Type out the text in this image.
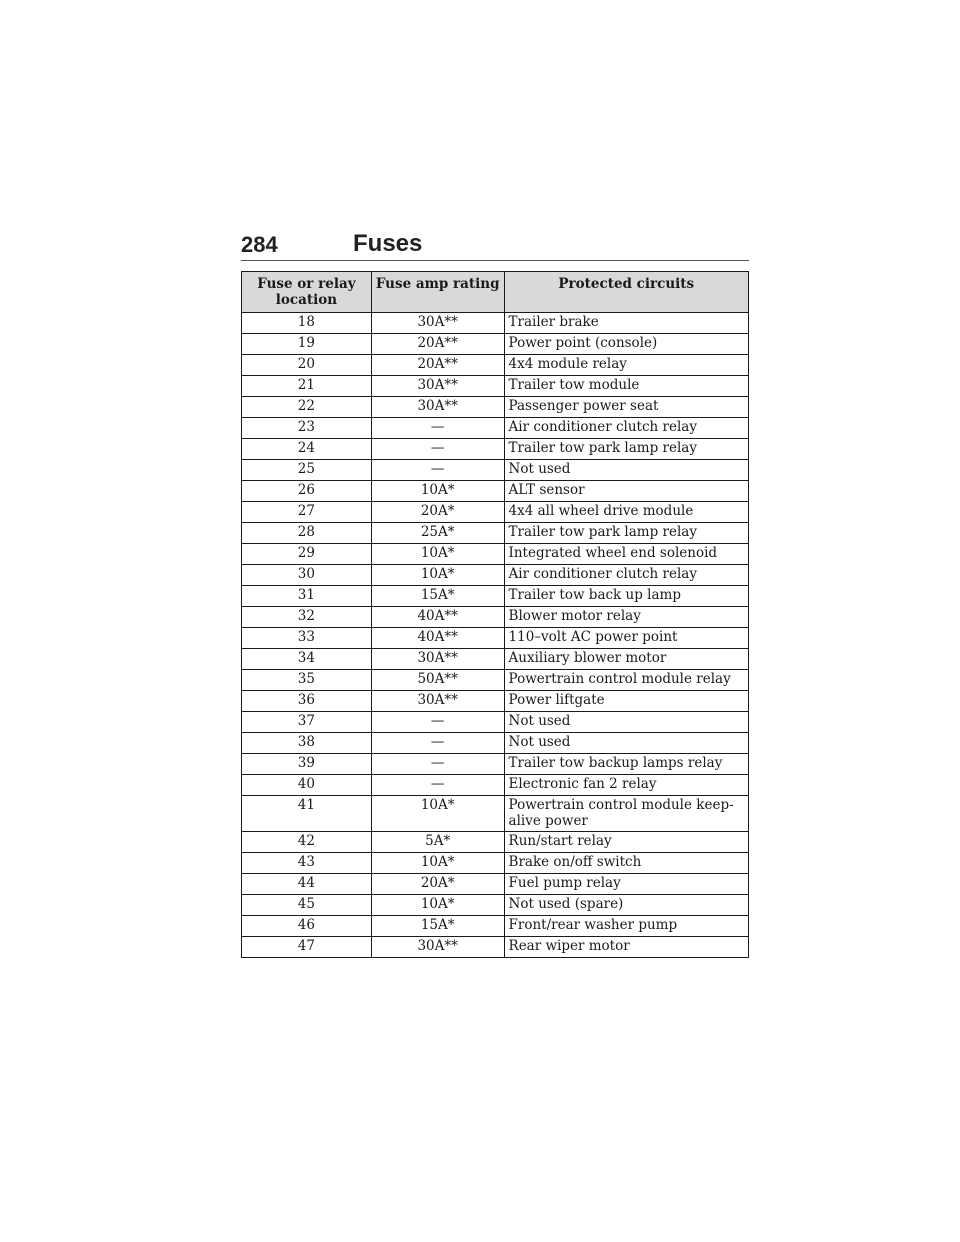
284	Fuses
Fuse or relay location	Fuse amp rating	Protected circuits
18	30A**	Trailer brake
19	20A**	Power point (console)
20	20A**	4x4 module relay
21	30A**	Trailer tow module
22	30A**	Passenger power seat
23	—	Air conditioner clutch relay
24	—	Trailer tow park lamp relay
25	—	Not used
26	10A*	ALT sensor
27	20A*	4x4 all wheel drive module
28	25A*	Trailer tow park lamp relay
29	10A*	Integrated wheel end solenoid
30	10A*	Air conditioner clutch relay
31	15A*	Trailer tow back up lamp
32	40A**	Blower motor relay
33	40A**	110–volt AC power point
34	30A**	Auxiliary blower motor
35	50A**	Powertrain control module relay
36	30A**	Power liftgate
37	—	Not used
38	—	Not used
39	—	Trailer tow backup lamps relay
40	—	Electronic fan 2 relay
41	10A*	Powertrain control module keep-alive power
42	5A*	Run/start relay
43	10A*	Brake on/off switch
44	20A*	Fuel pump relay
45	10A*	Not used (spare)
46	15A*	Front/rear washer pump
47	30A**	Rear wiper motor
